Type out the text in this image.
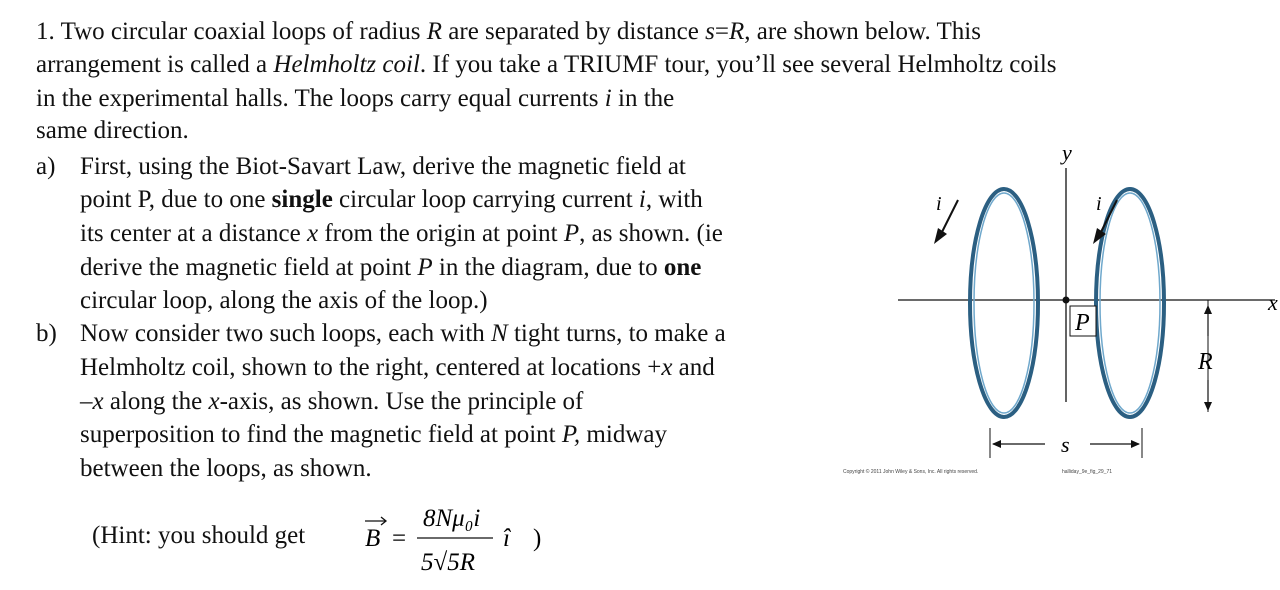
1. Two circular coaxial loops of radius R are separated by distance s=R, are shown below. This
arrangement is called a Helmholtz coil. If you take a TRIUMF tour, you’ll see several Helmholtz coils
in the experimental halls. The loops carry equal currents i in the
same direction.
a) First, using the Biot-Savart Law, derive the magnetic field at
point P, due to one single circular loop carrying current i, with
its center at a distance x from the origin at point P, as shown. (ie
derive the magnetic field at point P in the diagram, due to one
circular loop, along the axis of the loop.)
b) Now consider two such loops, each with N tight turns, to make a
Helmholtz coil, shown to the right, centered at locations +x and
–x along the x-axis, as shown. Use the principle of
superposition to find the magnetic field at point P, midway
between the loops, as shown.
(Hint: you should get B =
8Nμ₀i
5√5R
î )
P
y
x
i	i
R
s
Copyright © 2011 John Wiley & Sons, Inc. All rights reserved.	halliday_9e_fig_29_71
